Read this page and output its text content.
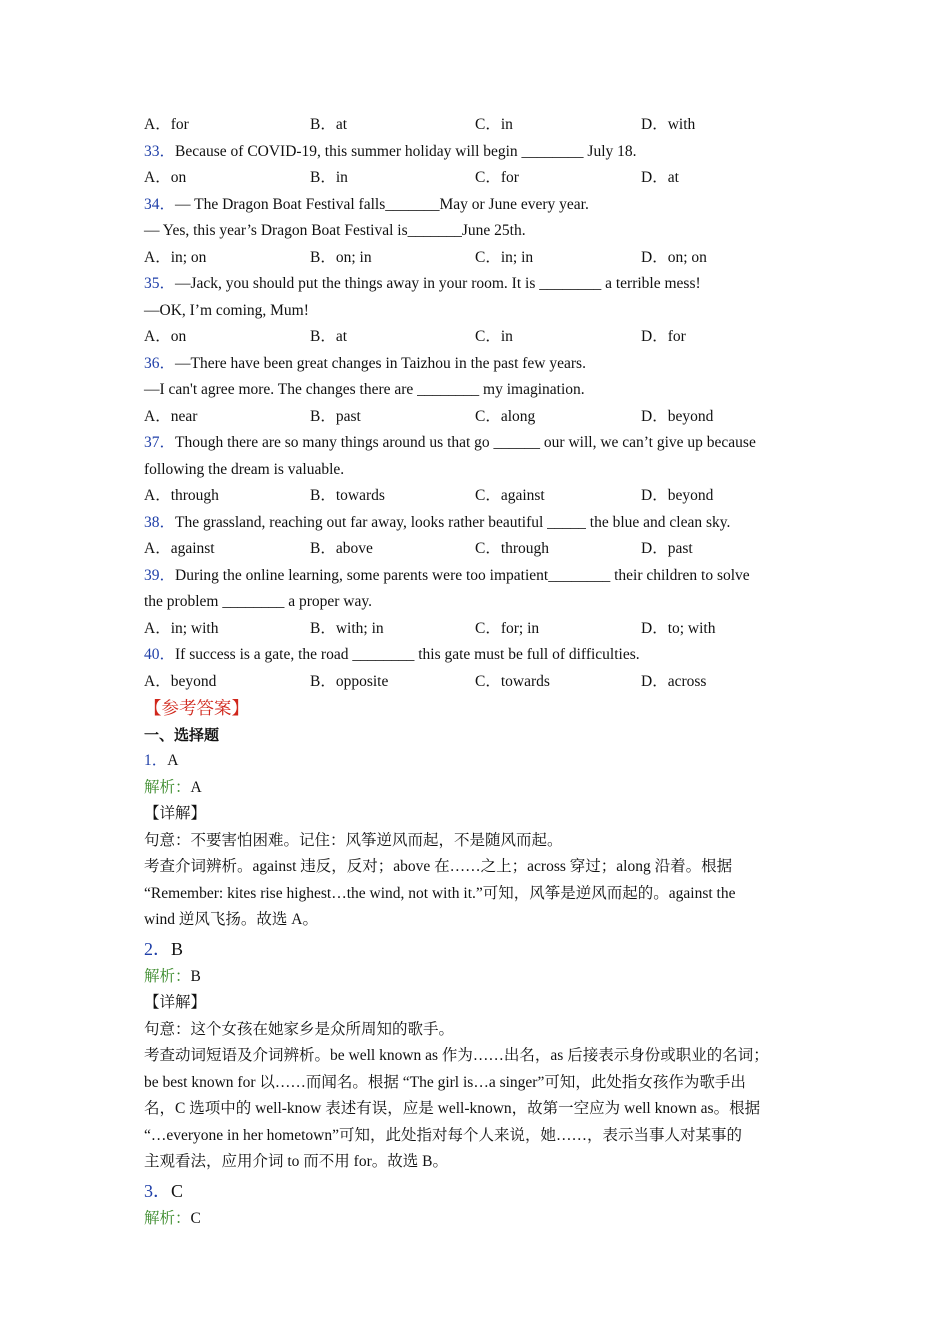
A．for	B．at	C．in	D．with
33．Because of COVID-19, this summer holiday will begin ________ July 18.
A．on	B．in	C．for	D．at
34．— The Dragon Boat Festival falls_______May or June every year.
— Yes, this year’s Dragon Boat Festival is_______June 25th.
A．in; on	B．on; in	C．in; in	D．on; on
35．—Jack, you should put the things away in your room. It is ________ a terrible mess!
—OK, I’m coming, Mum!
A．on	B．at	C．in	D．for
36．—There have been great changes in Taizhou in the past few years.
—I can't agree more. The changes there are ________ my imagination.
A．near	B．past	C．along	D．beyond
37．Though there are so many things around us that go ______ our will, we can’t give up because
following the dream is valuable.
A．through	B．towards	C．against	D．beyond
38．The grassland, reaching out far away, looks rather beautiful _____ the blue and clean sky.
A．against	B．above	C．through	D．past
39．During the online learning, some parents were too impatient________ their children to solve
the problem ________ a proper way.
A．in; with	B．with; in	C．for; in	D．to; with
40．If success is a gate, the road ________ this gate must be full of difficulties.
A．beyond	B．opposite	C．towards	D．across
【参考答案】
一、选择题
1．A
解析：A
【详解】
句意：不要害怕困难。记住：风筝逆风而起，不是随风而起。
考查介词辨析。against 违反，反对；above 在……之上；across 穿过；along 沿着。根据
“Remember: kites rise highest…the wind, not with it.”可知，风筝是逆风而起的。against the
wind 逆风飞扬。故选 A。
2．B
解析：B
【详解】
句意：这个女孩在她家乡是众所周知的歌手。
考查动词短语及介词辨析。be well known as 作为……出名，as 后接表示身份或职业的名词；
be best known for 以……而闻名。根据 “The girl is…a singer”可知，此处指女孩作为歌手出
名，C 选项中的 well-know 表述有误，应是 well-known，故第一空应为 well known as。根据
“…everyone in her hometown”可知，此处指对每个人来说，她……，表示当事人对某事的
主观看法，应用介词 to 而不用 for。故选 B。
3．C
解析：C
